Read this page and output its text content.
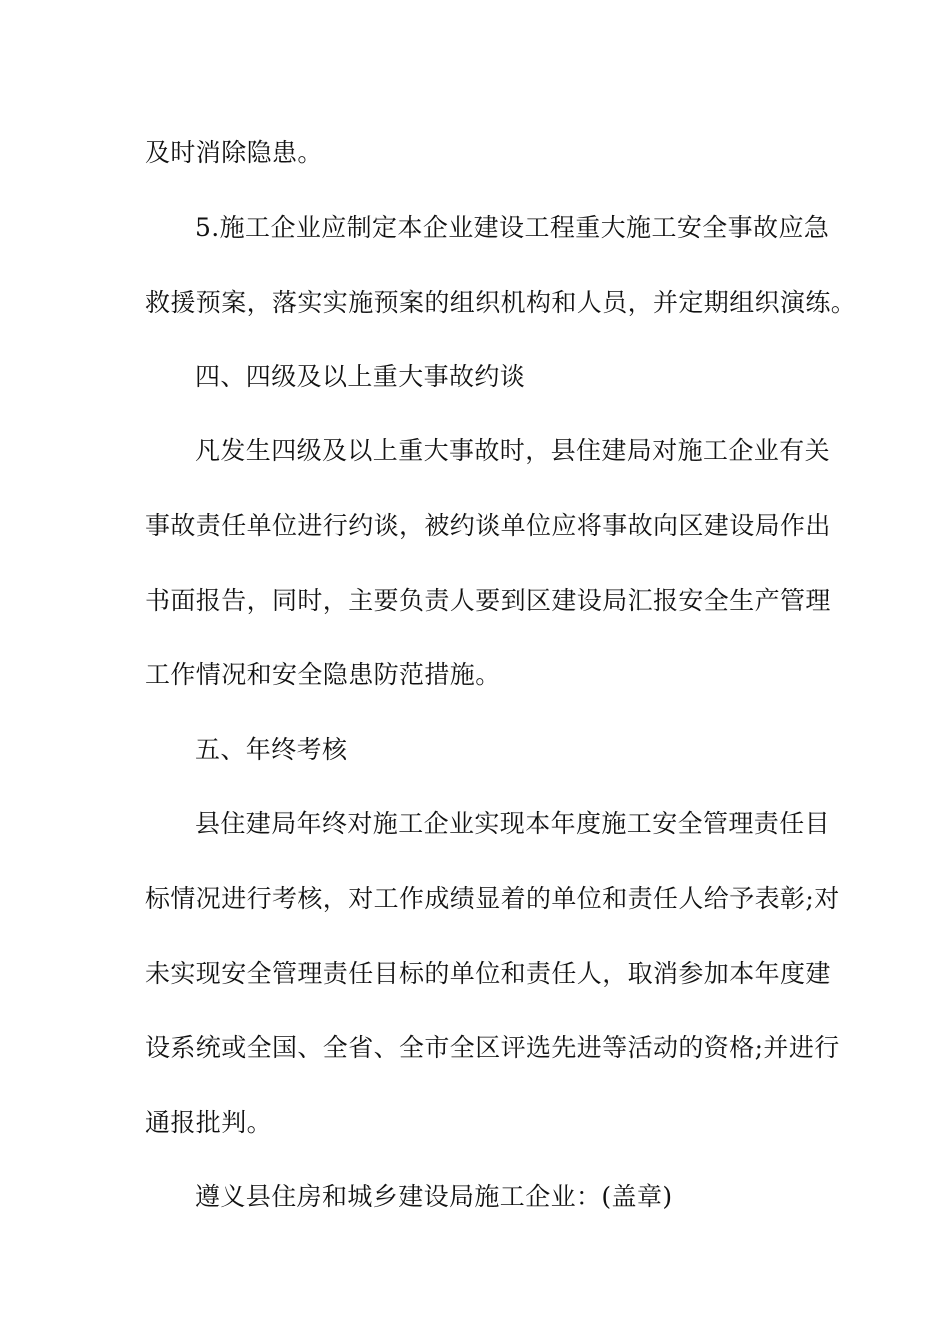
及时消除隐患。
5.施工企业应制定本企业建设工程重大施工安全事故应急
救援预案，落实实施预案的组织机构和人员，并定期组织演练。
四、四级及以上重大事故约谈
凡发生四级及以上重大事故时，县住建局对施工企业有关
事故责任单位进行约谈，被约谈单位应将事故向区建设局作出
书面报告，同时，主要负责人要到区建设局汇报安全生产管理
工作情况和安全隐患防范措施。
五、年终考核
县住建局年终对施工企业实现本年度施工安全管理责任目
标情况进行考核，对工作成绩显着的单位和责任人给予表彰;对
未实现安全管理责任目标的单位和责任人，取消参加本年度建
设系统或全国、全省、全市全区评选先进等活动的资格;并进行
通报批判。
遵义县住房和城乡建设局施工企业：(盖章)
